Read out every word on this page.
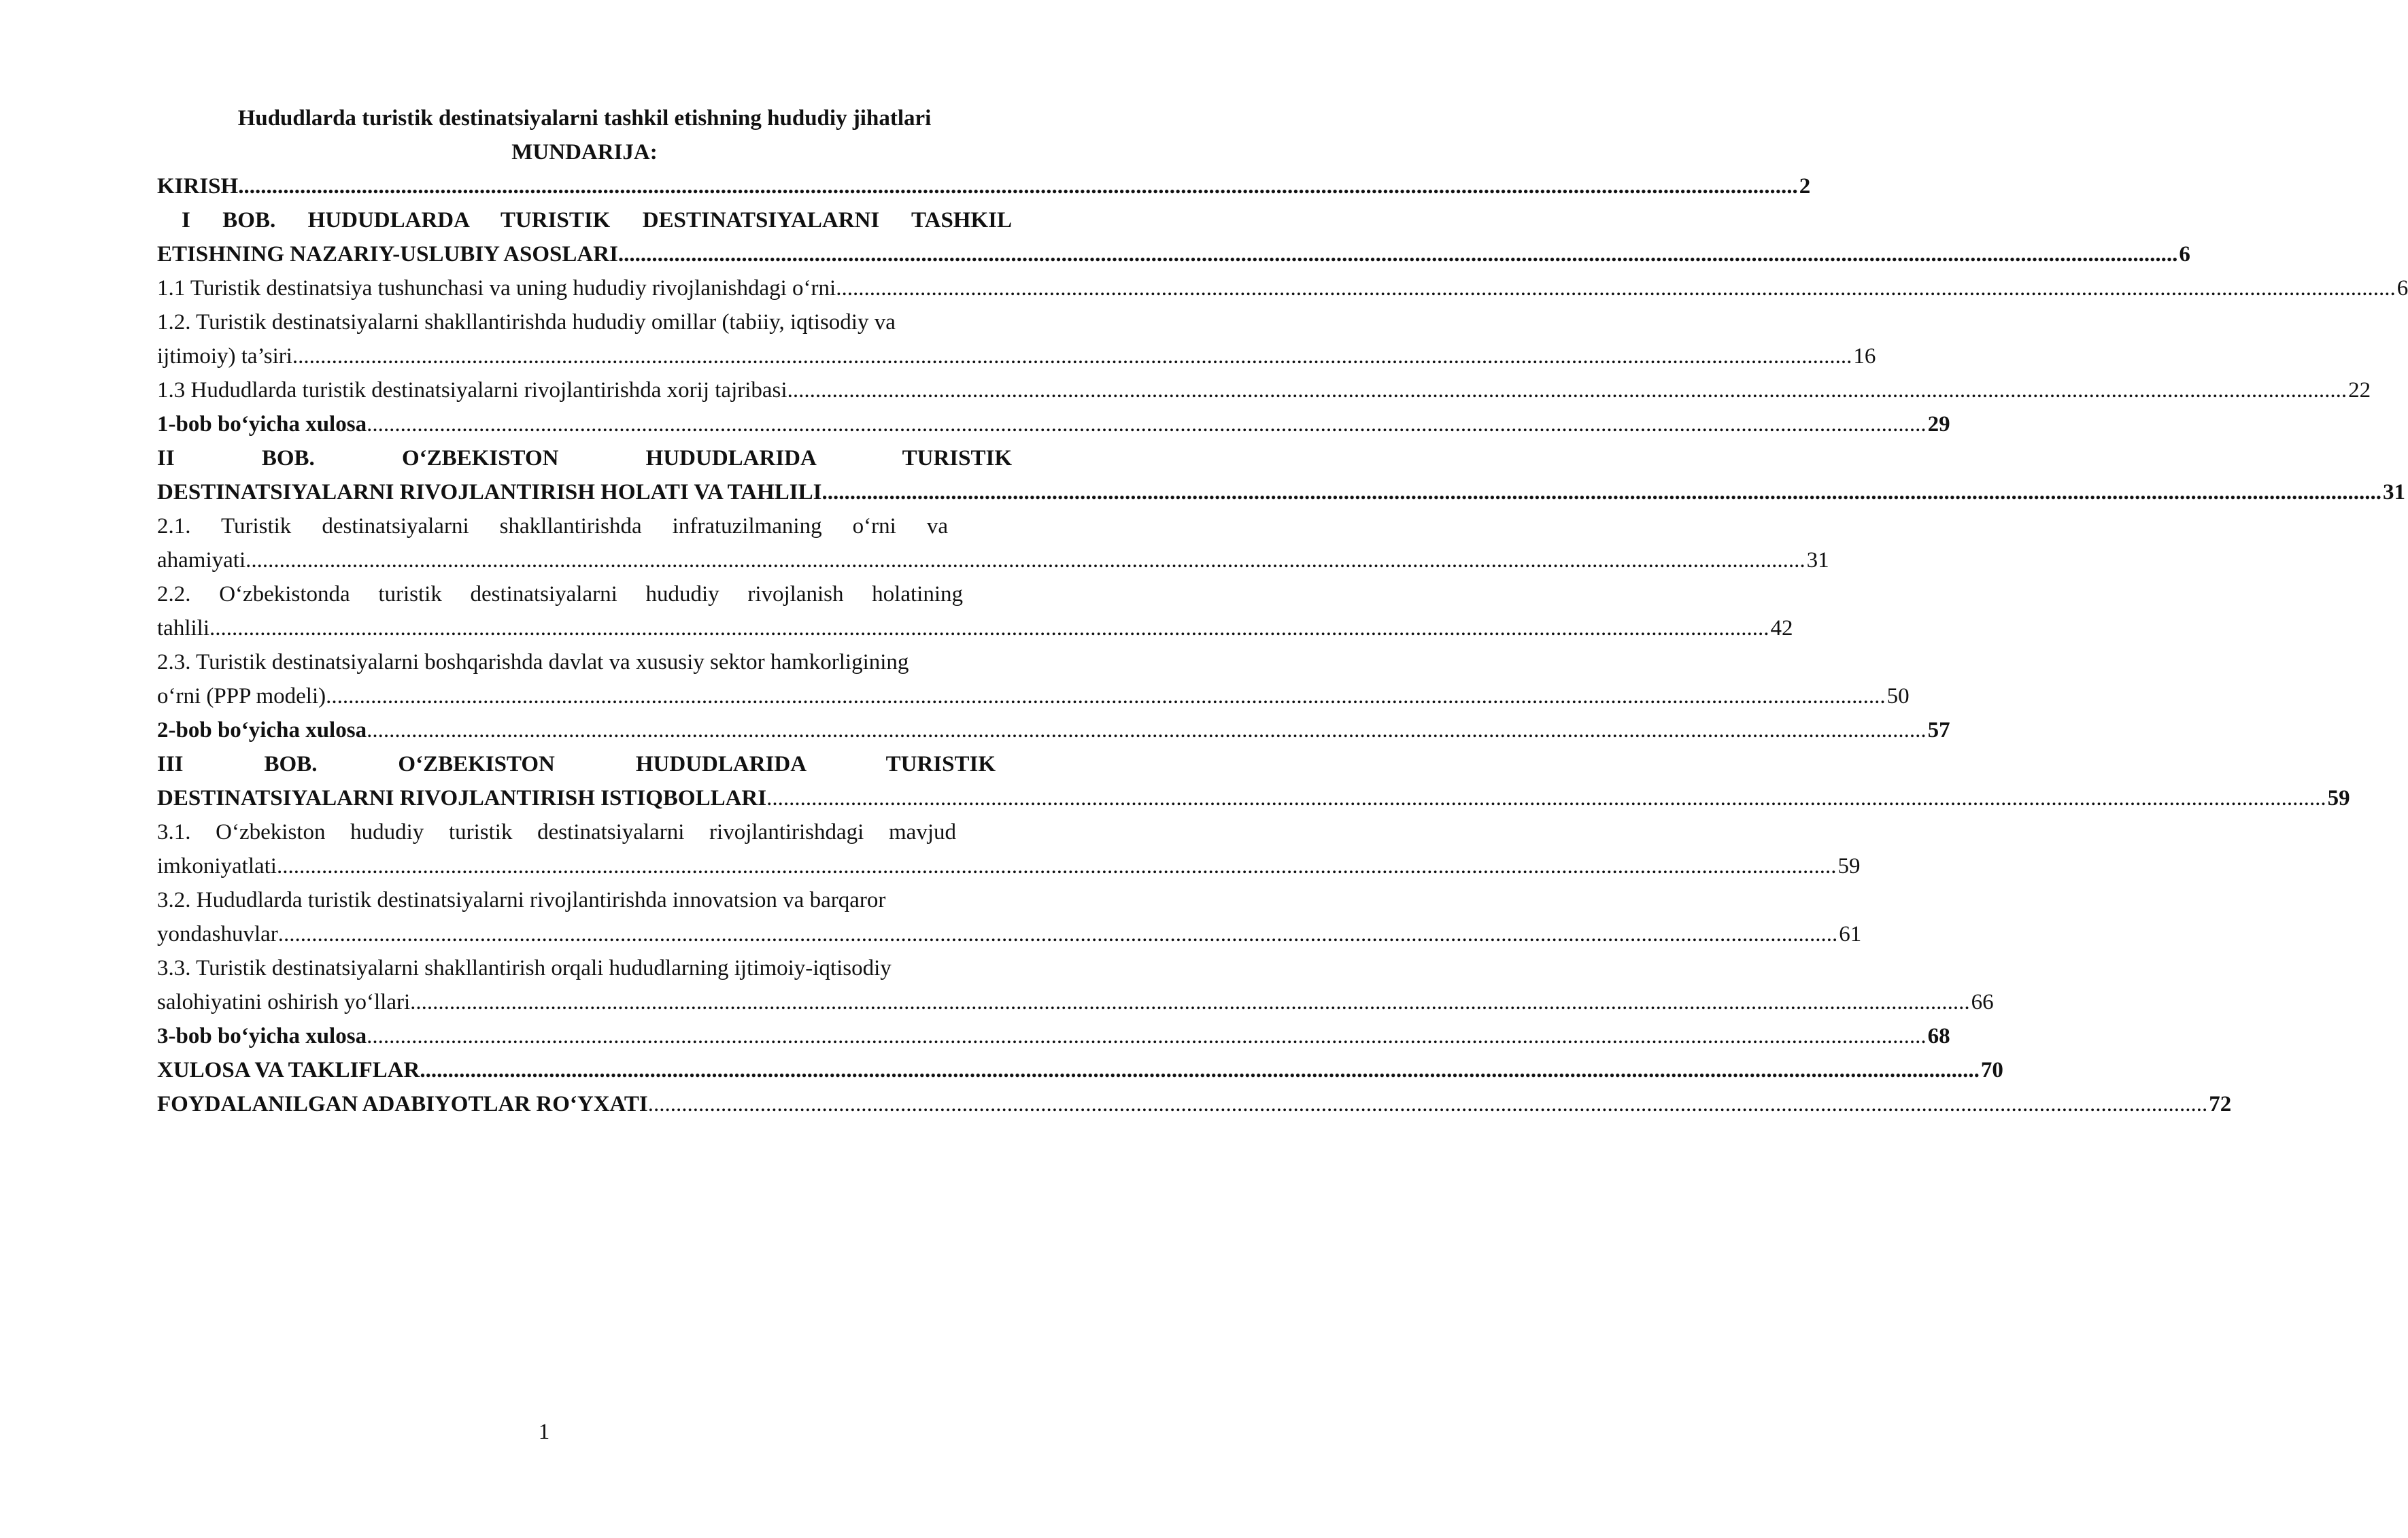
Hududlarda turistik destinatsiyalarni tashkil etishning hududiy jihatlari
MUNDARIJA:
KIRISH .....	2
I BOB. HUDUDLARDA TURISTIK DESTINATSIYALARNI TASHKIL
ETISHNING NAZARIY-USLUBIY ASOSLARI .....	6
1.1 Turistik destinatsiya tushunchasi va uning hududiy rivojlanishdagi o‘rni .....	6
1.2. Turistik destinatsiyalarni shakllantirishda hududiy omillar (tabiiy, iqtisodiy va
ijtimoiy) ta’siri .....	16
1.3 Hududlarda turistik destinatsiyalarni rivojlantirishda xorij tajribasi .....	22
1-bob bo‘yicha xulosa .....	29
II BOB. O‘ZBEKISTON HUDUDLARIDA TURISTIK
DESTINATSIYALARNI RIVOJLANTIRISH HOLATI VA TAHLILI .....	31
2.1. Turistik destinatsiyalarni shakllantirishda infratuzilmaning o‘rni va
ahamiyati .....	31
2.2. O‘zbekistonda turistik destinatsiyalarni hududiy rivojlanish holatining
tahlili .....	42
2.3. Turistik destinatsiyalarni boshqarishda davlat va xususiy sektor hamkorligining
o‘rni (PPP modeli) .....	50
2-bob bo‘yicha xulosa .....	57
III BOB. O‘ZBEKISTON HUDUDLARIDA TURISTIK
DESTINATSIYALARNI RIVOJLANTIRISH ISTIQBOLLARI .....	59
3.1. O‘zbekiston hududiy turistik destinatsiyalarni rivojlantirishdagi mavjud
imkoniyatlati .....	59
3.2. Hududlarda turistik destinatsiyalarni rivojlantirishda innovatsion va barqaror
yondashuvlar .....	61
3.3. Turistik destinatsiyalarni shakllantirish orqali hududlarning ijtimoiy-iqtisodiy
salohiyatini oshirish yo‘llari .....	66
3-bob bo‘yicha xulosa .....	68
XULOSA VA TAKLIFLAR .....	70
FOYDALANILGAN ADABIYOTLAR RO‘YXATI .....	72
1
